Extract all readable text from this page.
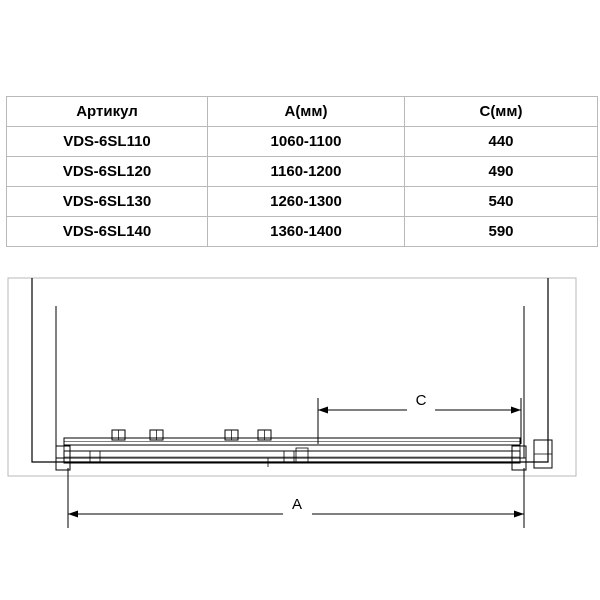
Артикул	A(мм)	C(мм)
VDS-6SL110	1060-1100	440
VDS-6SL120	1160-1200	490
VDS-6SL130	1260-1300	540
VDS-6SL140	1360-1400	590
C
A
